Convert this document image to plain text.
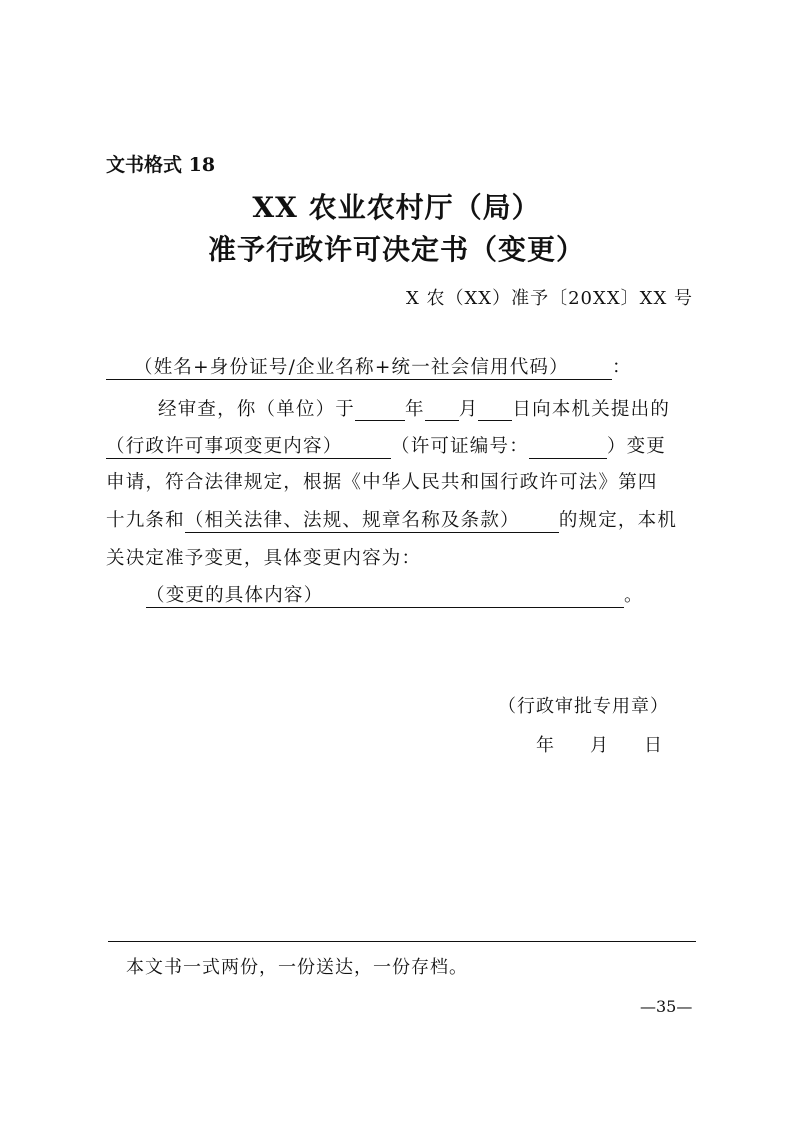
文书格式 18
XX 农业农村厅（局）
准予行政许可决定书（变更）
X 农（XX）准予〔20XX〕XX 号
（姓名+身份证号/企业名称+统一社会信用代码） ：
经审查，你（单位）于	年 月 日向本机关提出的
（行政许可事项变更内容）	（许可证编号：	）变更
申请，符合法律规定，根据《中华人民共和国行政许可法》第四
十九条和（相关法律、法规、规章名称及条款） 的规定，本机
关决定准予变更，具体变更内容为：
（变更的具体内容）	。
（行政审批专用章）
年 月 日
本文书一式两份，一份送达，一份存档。
—35—
